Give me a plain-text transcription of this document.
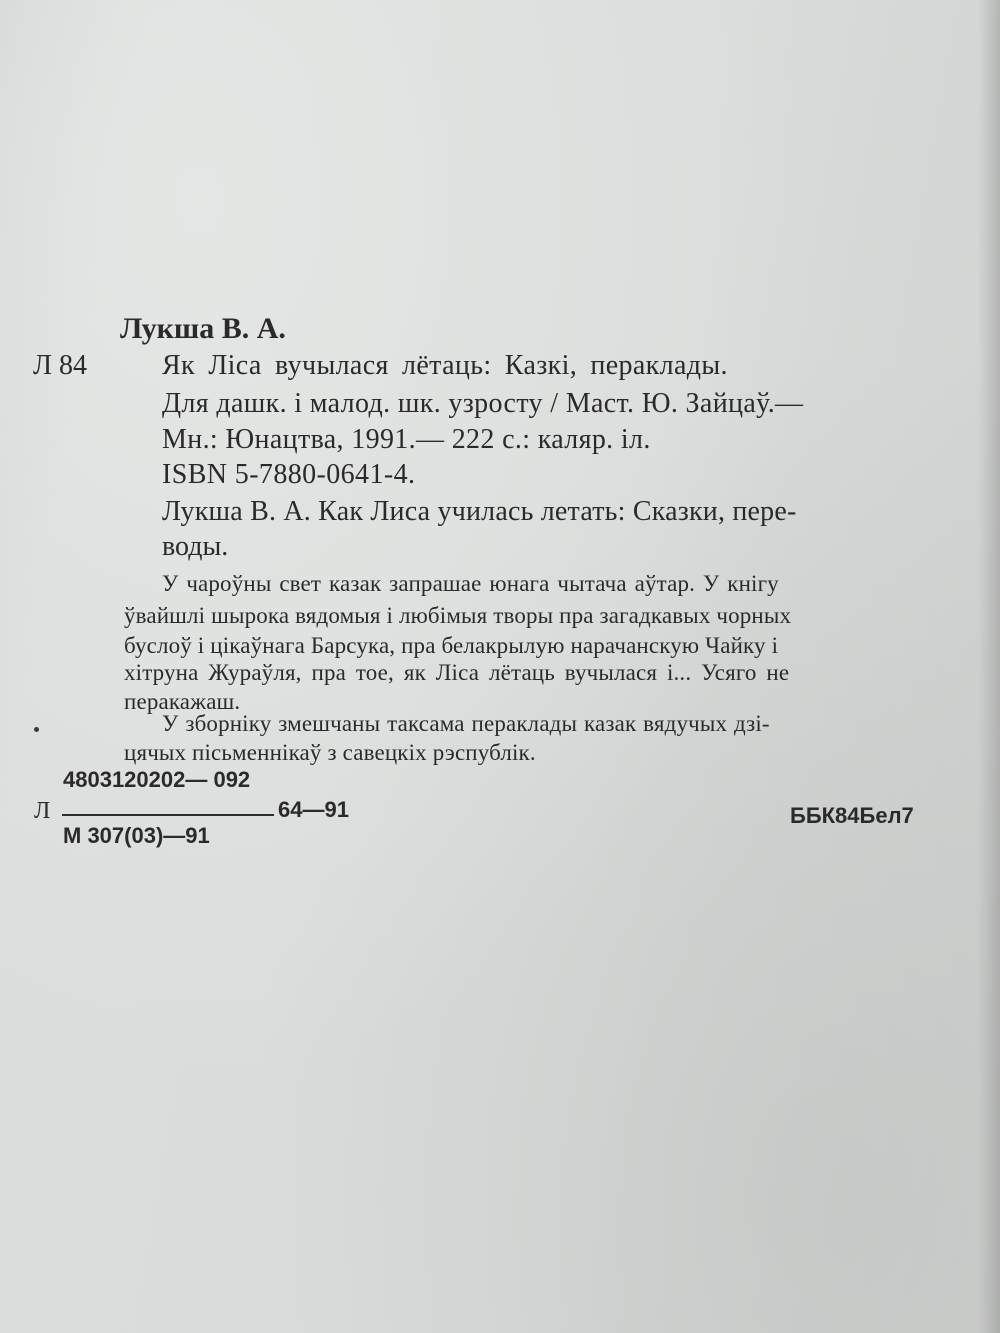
Лукша В. А.
Л 84	Як Ліса вучылася лётаць: Казкі, пераклады.
Для дашк. і малод. шк. узросту / Маст. Ю. Зайцаў.—
Мн.: Юнацтва, 1991.— 222 с.: каляр. іл.
ISBN 5-7880-0641-4.
Лукша В. А. Как Лиса училась летать: Сказки, пере-
воды.
У чароўны свет казак запрашае юнага чытача аўтар. У кнігу
ўвайшлі шырока вядомыя і любімыя творы пра загадкавых чорных
буслоў і цікаўнага Барсука, пра белакрылую нарачанскую Чайку і
хітруна Жураўля, пра тое, як Ліса лётаць вучылася і... Усяго не
перакажаш.
У зборніку змешчаны таксама пераклады казак вядучых дзі-
цячых пісьменнікаў з савецкіх рэспублік.
4803120202— 092
Л	64—91
М 307(03)—91
ББК84Бел7
